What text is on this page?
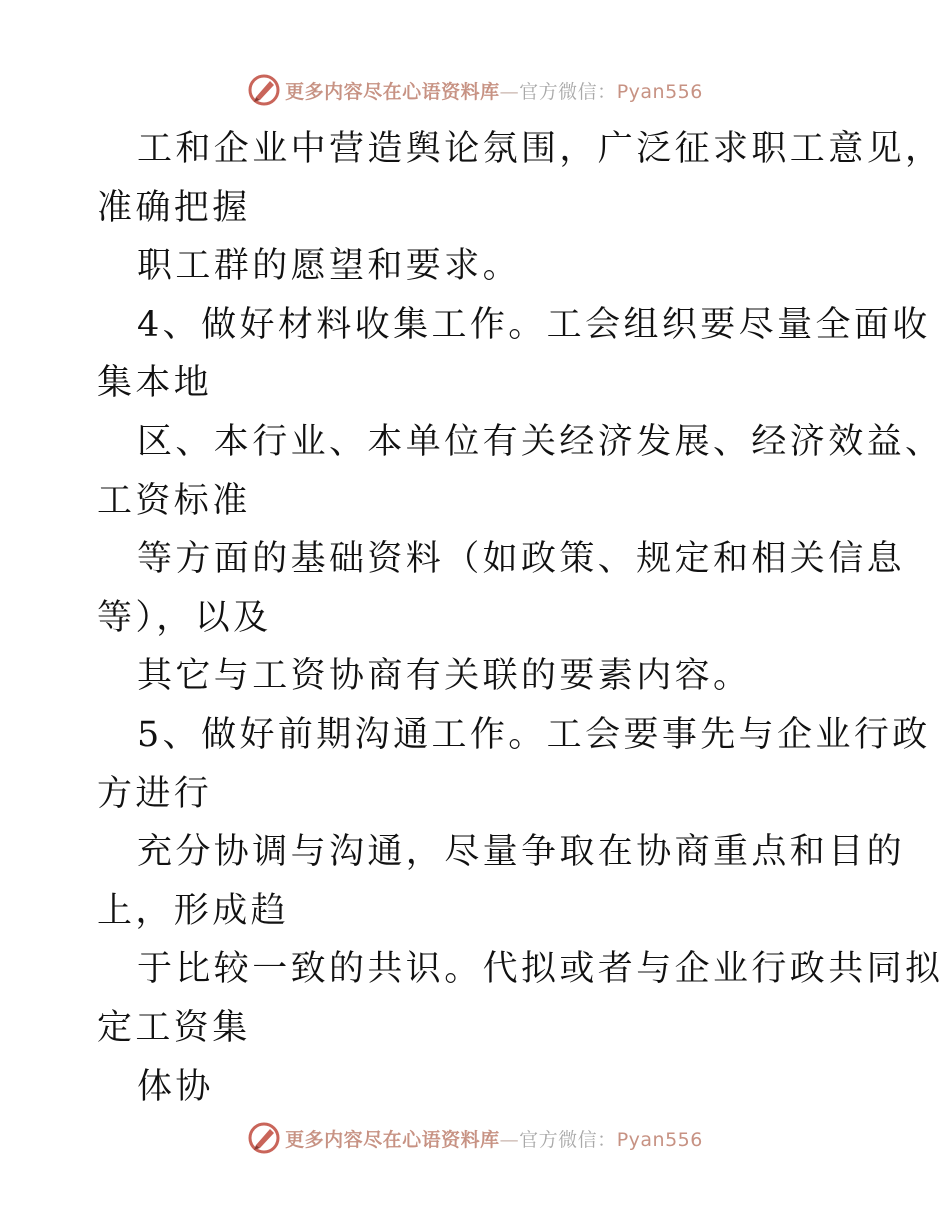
更多内容尽在心语资料库—官方微信：Pyan556
工和企业中营造舆论氛围，广泛征求职工意见，
准确把握
职工群的愿望和要求。
4、做好材料收集工作。工会组织要尽量全面收
集本地
区、本行业、本单位有关经济发展、经济效益、
工资标准
等方面的基础资料（如政策、规定和相关信息
等），以及
其它与工资协商有关联的要素内容。
5、做好前期沟通工作。工会要事先与企业行政
方进行
充分协调与沟通，尽量争取在协商重点和目的
上，形成趋
于比较一致的共识。代拟或者与企业行政共同拟
定工资集
体协
更多内容尽在心语资料库—官方微信：Pyan556
